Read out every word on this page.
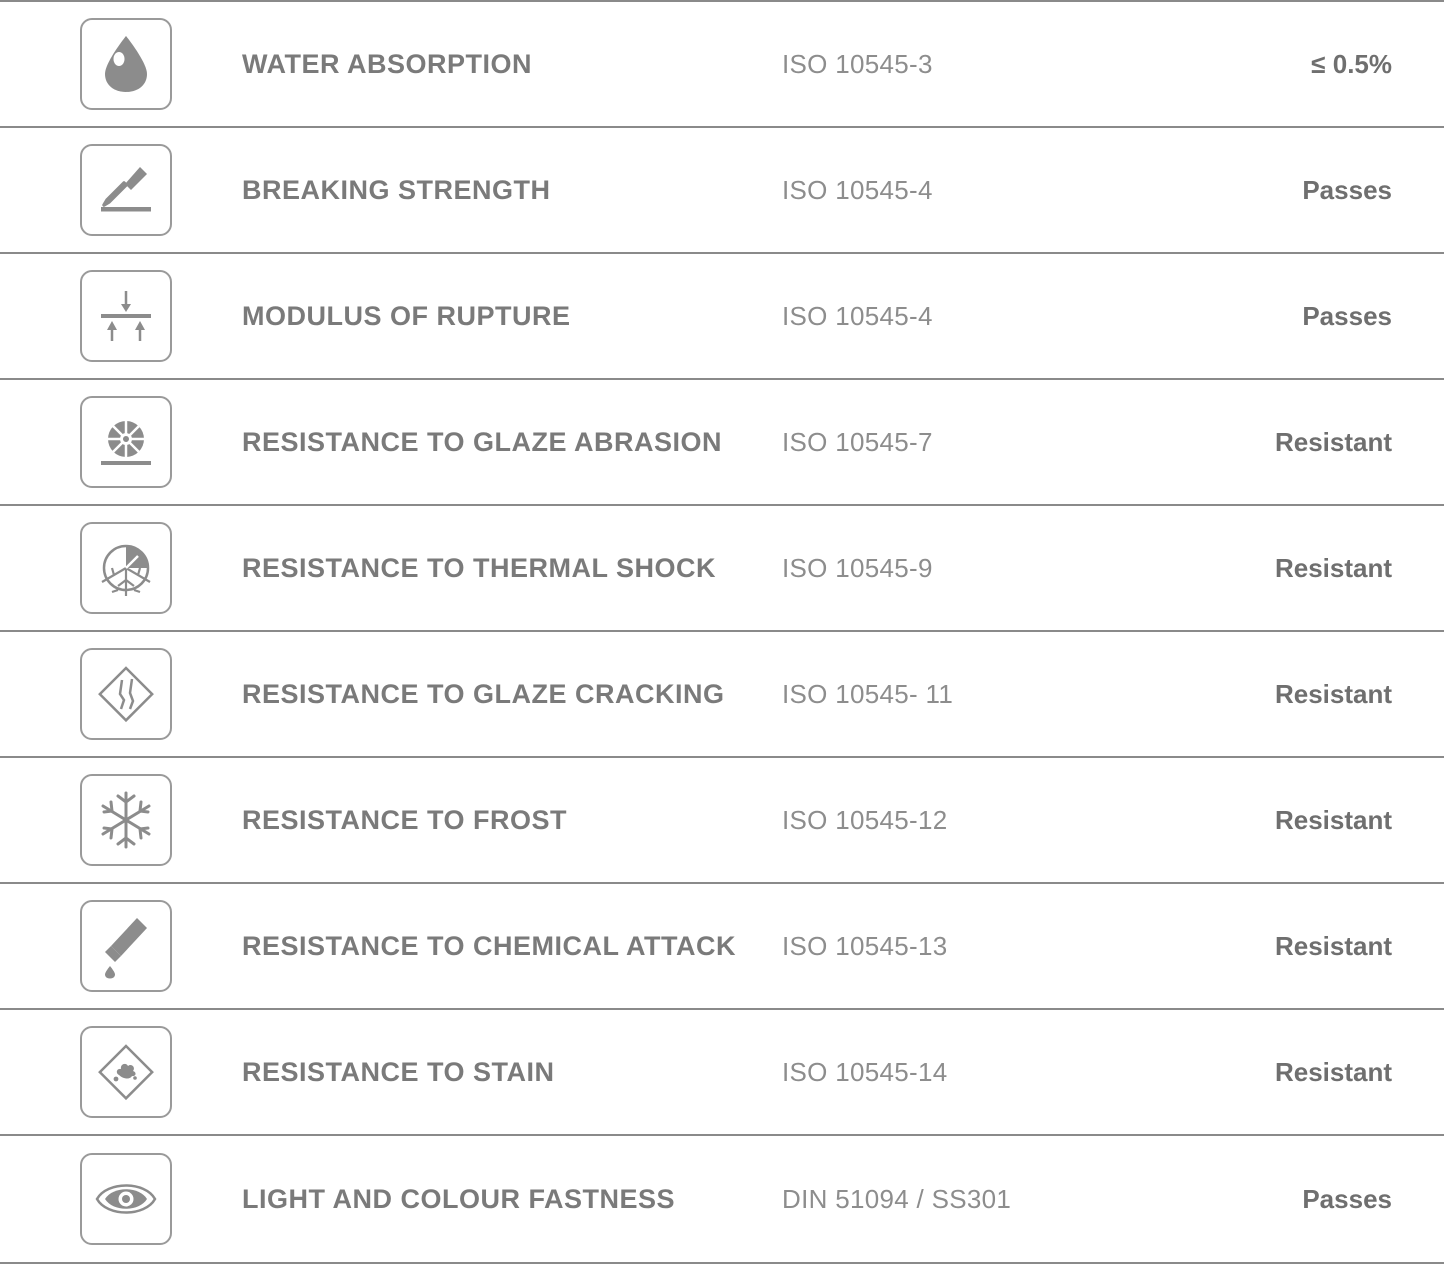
WATER ABSORPTION	ISO 10545-3	≤ 0.5%
BREAKING STRENGTH	ISO 10545-4	Passes
MODULUS OF RUPTURE	ISO 10545-4	Passes
RESISTANCE TO GLAZE ABRASION	ISO 10545-7	Resistant
RESISTANCE TO THERMAL SHOCK	ISO 10545-9	Resistant
RESISTANCE TO GLAZE CRACKING	ISO 10545- 11	Resistant
RESISTANCE TO FROST	ISO 10545-12	Resistant
RESISTANCE TO CHEMICAL ATTACK	ISO 10545-13	Resistant
RESISTANCE TO STAIN	ISO 10545-14	Resistant
LIGHT AND COLOUR FASTNESS	DIN 51094 / SS301	Passes
